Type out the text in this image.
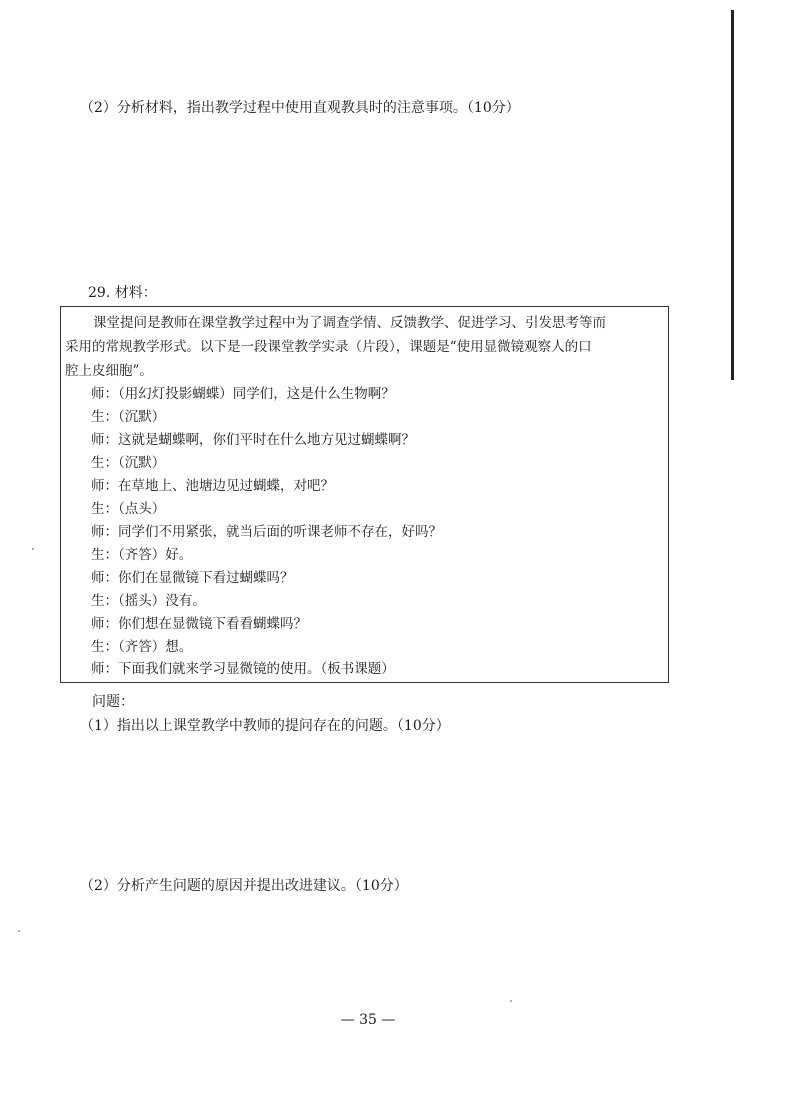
（2）分析材料，指出教学过程中使用直观教具时的注意事项。（10分）
29. 材料：
课堂提问是教师在课堂教学过程中为了调查学情、反馈教学、促进学习、引发思考等而
采用的常规教学形式。以下是一段课堂教学实录（片段），课题是“使用显微镜观察人的口
腔上皮细胞”。
师：（用幻灯投影蝴蝶）同学们，这是什么生物啊？
生：（沉默）
师：这就是蝴蝶啊，你们平时在什么地方见过蝴蝶啊？
生：（沉默）
师：在草地上、池塘边见过蝴蝶，对吧？
生：（点头）
师：同学们不用紧张，就当后面的听课老师不存在，好吗？
生：（齐答）好。
师：你们在显微镜下看过蝴蝶吗？
生：（摇头）没有。
师：你们想在显微镜下看看蝴蝶吗？
生：（齐答）想。
师：下面我们就来学习显微镜的使用。（板书课题）
问题：
（1）指出以上课堂教学中教师的提问存在的问题。（10分）
（2）分析产生问题的原因并提出改进建议。（10分）
— 35 —
